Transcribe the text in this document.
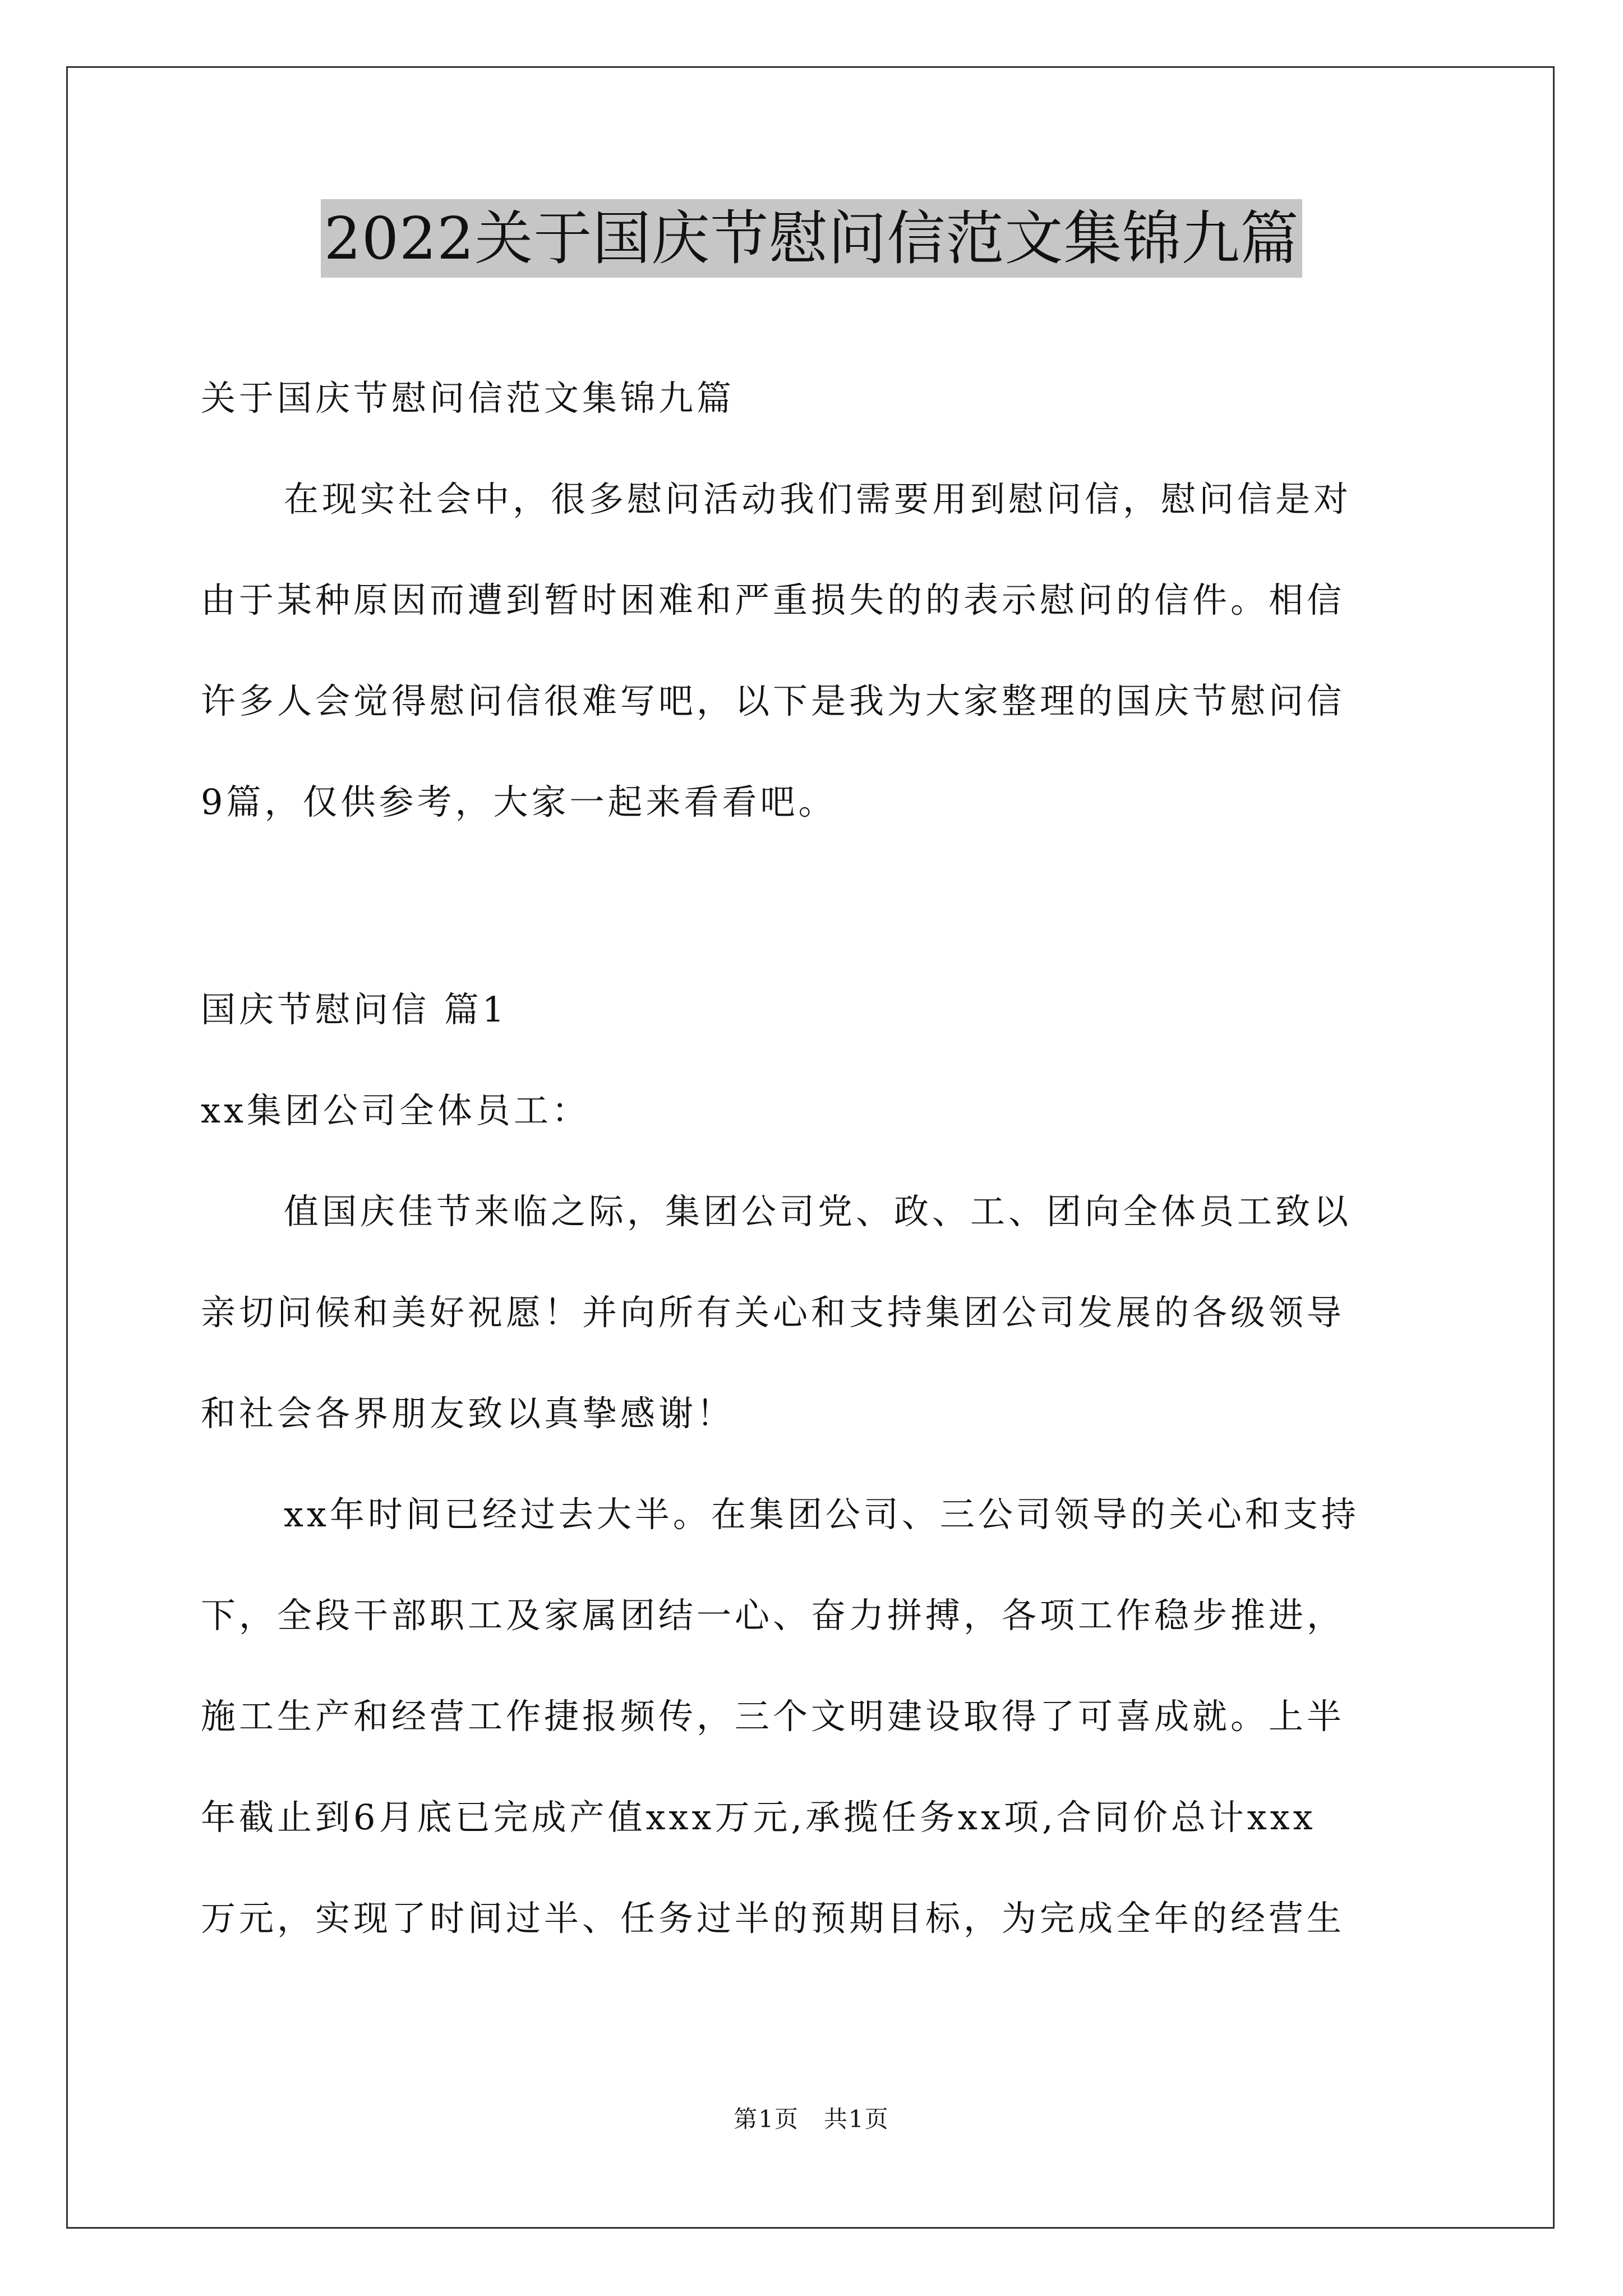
2022关于国庆节慰问信范文集锦九篇
关于国庆节慰问信范文集锦九篇
在现实社会中，很多慰问活动我们需要用到慰问信，慰问信是对
由于某种原因而遭到暂时困难和严重损失的的表示慰问的信件。相信
许多人会觉得慰问信很难写吧，以下是我为大家整理的国庆节慰问信
9篇，仅供参考，大家一起来看看吧。
国庆节慰问信 篇1
xx集团公司全体员工：
值国庆佳节来临之际，集团公司党、政、工、团向全体员工致以
亲切问候和美好祝愿！并向所有关心和支持集团公司发展的各级领导
和社会各界朋友致以真挚感谢！
xx年时间已经过去大半。在集团公司、三公司领导的关心和支持
下，全段干部职工及家属团结一心、奋力拼搏，各项工作稳步推进，
施工生产和经营工作捷报频传，三个文明建设取得了可喜成就。上半
年截止到6月底已完成产值xxx万元,承揽任务xx项,合同价总计xxx
万元，实现了时间过半、任务过半的预期目标，为完成全年的经营生
第1页　共1页
